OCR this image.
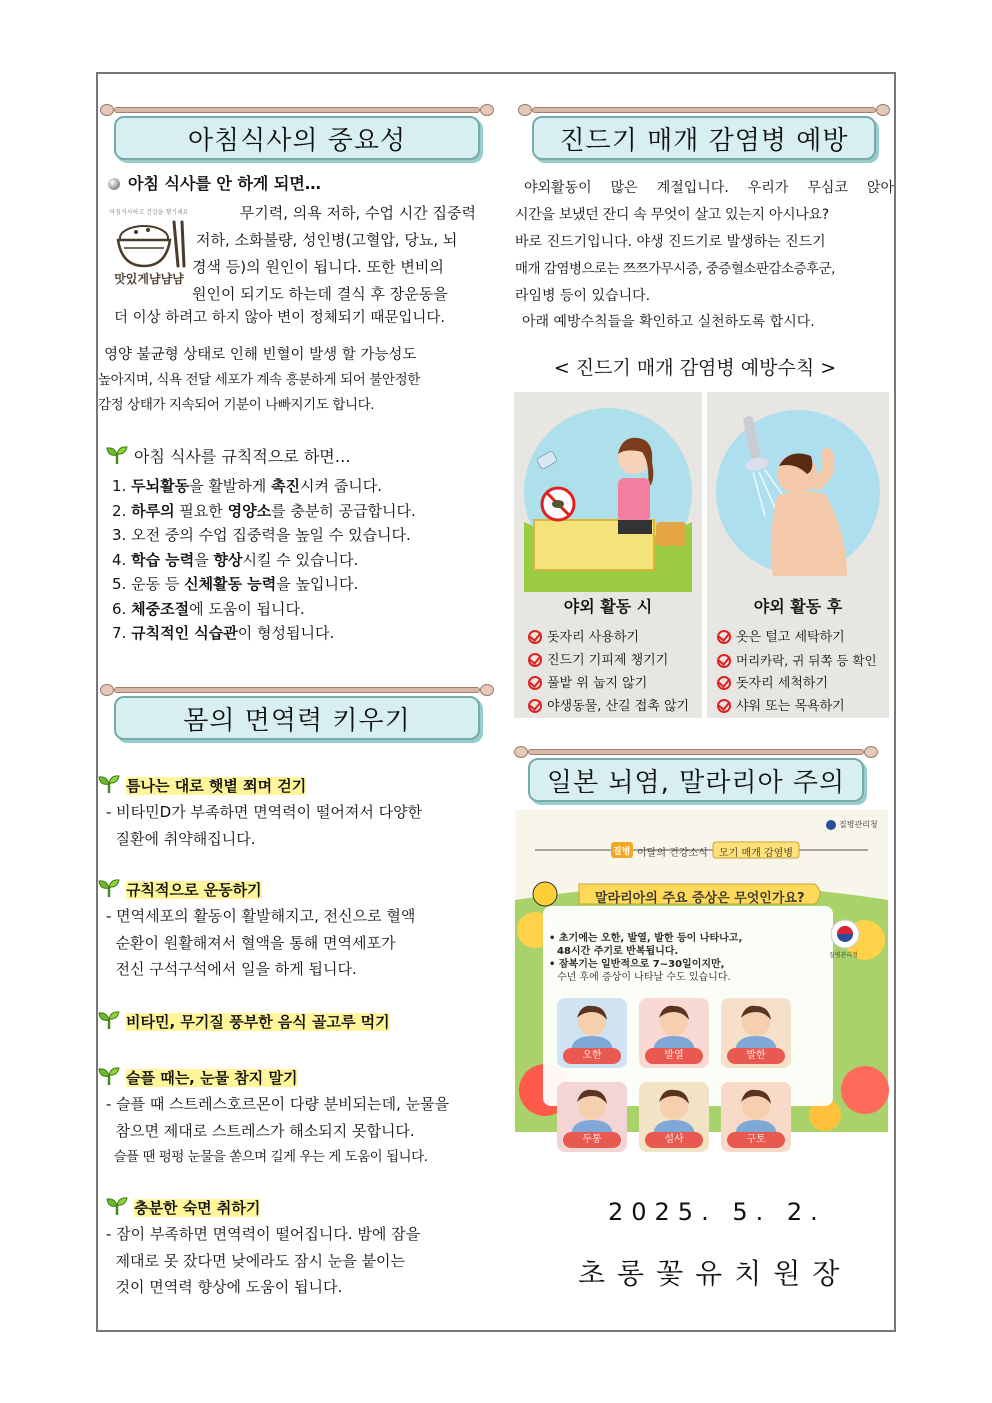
아침식사의 중요성
아침 식사를 안 하게 되면…
아침식사하고 건강을 챙기세요
맛있게냠냠냠
무기력, 의욕 저하, 수업 시간 집중력
저하, 소화불량, 성인병(고혈압, 당뇨, 뇌
경색 등)의 원인이 됩니다. 또한 변비의
원인이 되기도 하는데 결식 후 장운동을
더 이상 하려고 하지 않아 변이 정체되기 때문입니다.
영양 불균형 상태로 인해 빈혈이 발생 할 가능성도
높아지며, 식욕 전달 세포가 계속 흥분하게 되어 불안정한
감정 상태가 지속되어 기분이 나빠지기도 합니다.
아침 식사를 규칙적으로 하면…
1. 두뇌활동을 활발하게 촉진시켜 줍니다.
2. 하루의 필요한 영양소를 충분히 공급합니다.
3. 오전 중의 수업 집중력을 높일 수 있습니다.
4. 학습 능력을 향상시킬 수 있습니다.
5. 운동 등 신체활동 능력을 높입니다.
6. 체중조절에 도움이 됩니다.
7. 규칙적인 식습관이 형성됩니다.
몸의 면역력 키우기
틈나는 대로 햇볕 쬐며 걷기
- 비타민D가 부족하면 면역력이 떨어져서 다양한
질환에 취약해집니다.
규칙적으로 운동하기
- 면역세포의 활동이 활발해지고, 전신으로 혈액
순환이 원활해져서 혈액을 통해 면역세포가
전신 구석구석에서 일을 하게 됩니다.
비타민, 무기질 풍부한 음식 골고루 먹기
슬플 때는, 눈물 참지 말기
- 슬플 때 스트레스호르몬이 다량 분비되는데, 눈물을
참으면 제대로 스트레스가 해소되지 못합니다.
슬플 땐 펑펑 눈물을 쏟으며 길게 우는 게 도움이 됩니다.
충분한 숙면 취하기
- 잠이 부족하면 면역력이 떨어집니다. 밤에 잠을
제대로 못 잤다면 낮에라도 잠시 눈을 붙이는
것이 면역력 향상에 도움이 됩니다.
진드기 매개 감염병 예방
야외활동이 많은 계절입니다. 우리가 무심코 앉아
시간을 보냈던 잔디 속 무엇이 살고 있는지 아시나요?
바로 진드기입니다. 야생 진드기로 발생하는 진드기
매개 감염병으로는 쯔쯔가무시증, 중증혈소판감소증후군,
라임병 등이 있습니다.
아래 예방수칙들을 확인하고 실천하도록 합시다.
< 진드기 매개 감염병 예방수칙 >
야외 활동 시
돗자리 사용하기
진드기 기피제 챙기기
풀밭 위 눕지 않기
야생동물, 산길 접촉 않기
야외 활동 후
옷은 털고 세탁하기
머리카락, 귀 뒤쪽 등 확인
돗자리 세척하기
샤워 또는 목욕하기
일본 뇌염, 말라리아 주의
질병관리청
질병 이달의 건강소식 모기 매개 감염병
말라리아의 주요 증상은 무엇인가요?
• 초기에는 오한, 발열, 발한 등이 나타나고,
48시간 주기로 반복됩니다.
• 잠복기는 일반적으로 7~30일이지만,
수년 후에 증상이 나타날 수도 있습니다.
질병관리청
오한	발열	발한
두통	설사	구토
2025. 5. 2.
초롱꽃유치원장
